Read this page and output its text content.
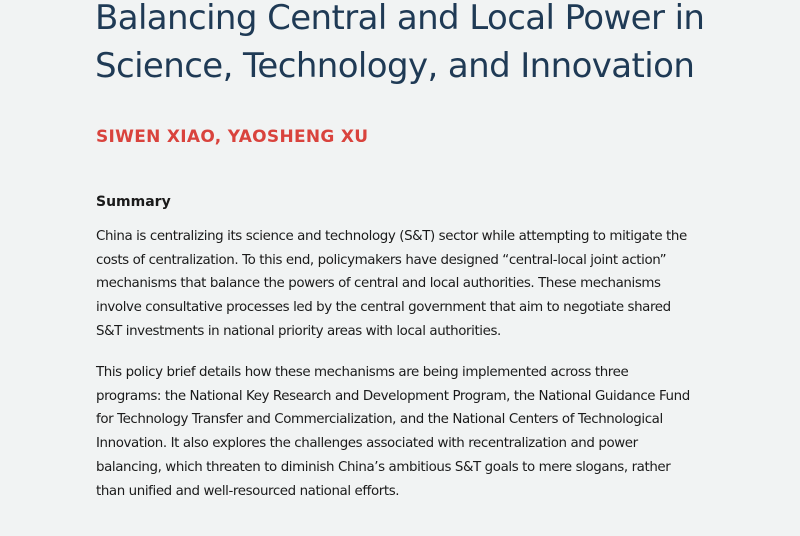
Balancing Central and Local Power in Science, Technology, and Innovation
SIWEN XIAO, YAOSHENG XU
Summary

China is centralizing its science and technology (S&T) sector while attempting to mitigate the costs of centralization. To this end, policymakers have designed “central-local joint action” mechanisms that balance the powers of central and local authorities. These mechanisms involve consultative processes led by the central government that aim to negotiate shared S&T investments in national priority areas with local authorities.

This policy brief details how these mechanisms are being implemented across three programs: the National Key Research and Development Program, the National Guidance Fund for Technology Transfer and Commercialization, and the National Centers of Technological Innovation. It also explores the challenges associated with recentralization and power balancing, which threaten to diminish China’s ambitious S&T goals to mere slogans, rather than unified and well-resourced national efforts.
